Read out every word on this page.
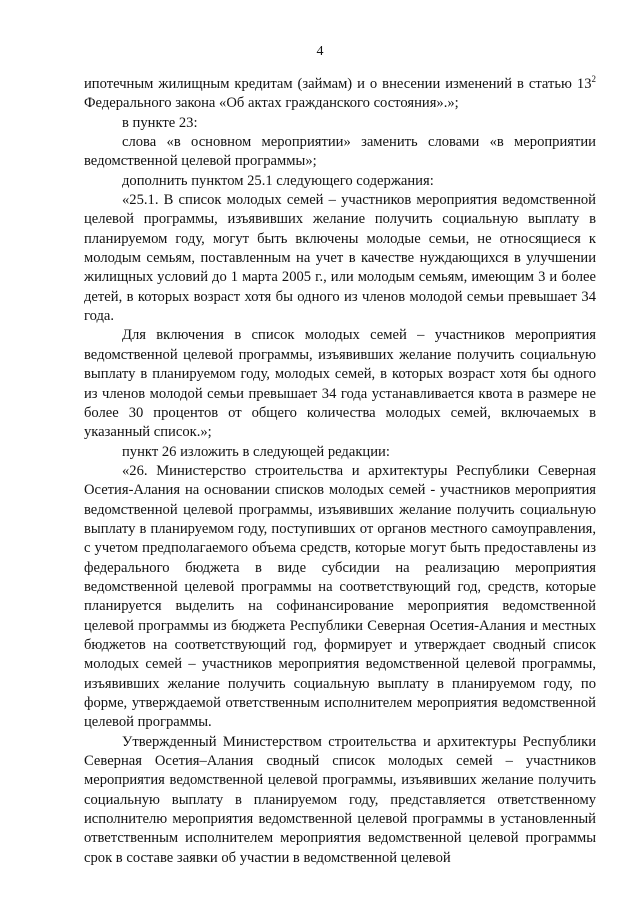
4

ипотечным жилищным кредитам (займам) и о внесении изменений в статью $13^2$ Федерального закона «Об актах гражданского состояния».»;

в пункте 23:

слова «в основном мероприятии» заменить словами «в мероприятии ведомственной целевой программы»;

дополнить пунктом 25.1 следующего содержания:

«25.1. В список молодых семей – участников мероприятия ведомственной целевой программы, изъявивших желание получить социальную выплату в планируемом году, могут быть включены молодые семьи, не относящиеся к молодым семьям, поставленным на учет в качестве нуждающихся в улучшении жилищных условий до 1 марта 2005 г., или молодым семьям, имеющим 3 и более детей, в которых возраст хотя бы одного из членов молодой семьи превышает 34 года.

Для включения в список молодых семей – участников мероприятия ведомственной целевой программы, изъявивших желание получить социальную выплату в планируемом году, молодых семей, в которых возраст хотя бы одного из членов молодой семьи превышает 34 года устанавливается квота в размере не более 30 процентов от общего количества молодых семей, включаемых в указанный список.»;

пункт 26 изложить в следующей редакции:

«26. Министерство строительства и архитектуры Республики Северная Осетия-Алания на основании списков молодых семей - участников мероприятия ведомственной целевой программы, изъявивших желание получить социальную выплату в планируемом году, поступивших от органов местного самоуправления, с учетом предполагаемого объема средств, которые могут быть предоставлены из федерального бюджета в виде субсидии на реализацию мероприятия ведомственной целевой программы на соответствующий год, средств, которые планируется выделить на софинансирование мероприятия ведомственной целевой программы из бюджета Республики Северная Осетия-Алания и местных бюджетов на соответствующий год, формирует и утверждает сводный список молодых семей – участников мероприятия ведомственной целевой программы, изъявивших желание получить социальную выплату в планируемом году, по форме, утверждаемой ответственным исполнителем мероприятия ведомственной целевой программы.

Утвержденный Министерством строительства и архитектуры Республики Северная Осетия–Алания сводный список молодых семей – участников мероприятия ведомственной целевой программы, изъявивших желание получить социальную выплату в планируемом году, представляется ответственному исполнителю мероприятия ведомственной целевой программы в установленный ответственным исполнителем мероприятия ведомственной целевой программы срок в составе заявки об участии в ведомственной целевой
